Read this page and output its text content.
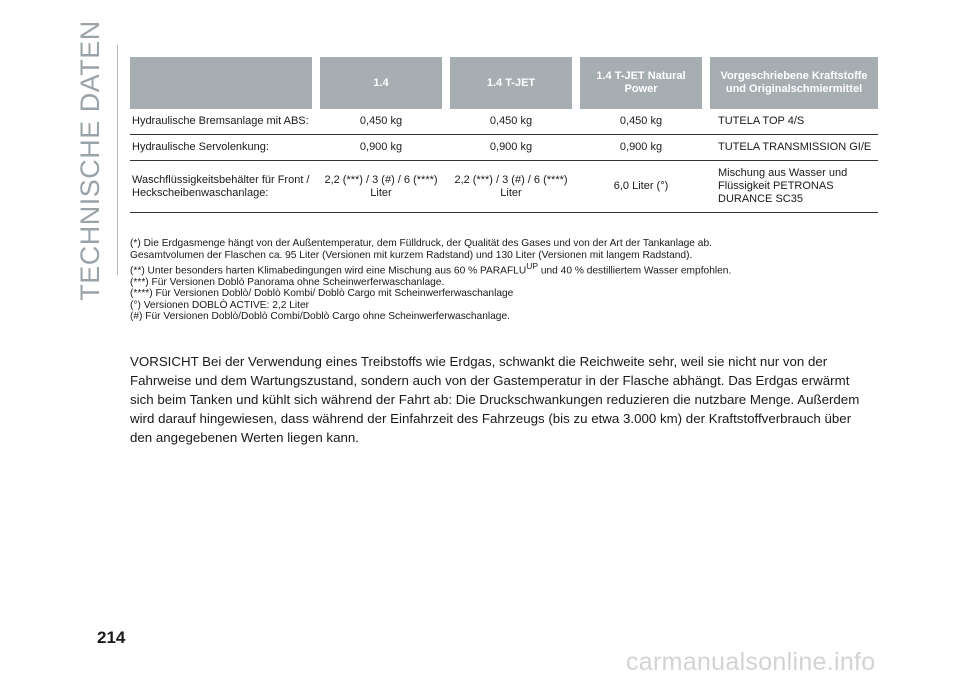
TECHNISCHE DATEN
		1.4	1.4 T-JET	1.4 T-JET Natural Power	Vorgeschriebene Kraftstoffe und Originalschmiermittel
Hydraulische Bremsanlage mit ABS:	0,450 kg	0,450 kg	0,450 kg	TUTELA TOP 4/S
Hydraulische Servolenkung:	0,900 kg	0,900 kg	0,900 kg	TUTELA TRANSMISSION GI/E
Waschflüssigkeitsbehälter für Front / Heckscheibenwaschanlage:	2,2 (***) / 3 (#) / 6 (****) Liter	2,2 (***) / 3 (#) / 6 (****) Liter	6,0 Liter (°)	Mischung aus Wasser und Flüssigkeit PETRONAS DURANCE SC35

(*) Die Erdgasmenge hängt von der Außentemperatur, dem Fülldruck, der Qualität des Gases und von der Art der Tankanlage ab.

Gesamtvolumen der Flaschen ca. 95 Liter (Versionen mit kurzem Radstand) und 130 Liter (Versionen mit langem Radstand).

(**) Unter besonders harten Klimabedingungen wird eine Mischung aus 60 % $PARAFLU^{UP}$ und 40 % destilliertem Wasser empfohlen.

(***) Für Versionen Doblò Panorama ohne Scheinwerferwaschanlage.

(****) Für Versionen Doblò/ Doblò Kombi/ Doblò Cargo mit Scheinwerferwaschanlage

(°) Versionen DOBLÒ ACTIVE: 2,2 Liter

(#) Für Versionen Doblò/Doblò Combi/Doblò Cargo ohne Scheinwerferwaschanlage.

VORSICHT Bei der Verwendung eines Treibstoffs wie Erdgas, schwankt die Reichweite sehr, weil sie nicht nur von der Fahrweise und dem Wartungszustand, sondern auch von der Gastemperatur in der Flasche abhängt. Das Erdgas erwärmt sich beim Tanken und kühlt sich während der Fahrt ab: Die Druckschwankungen reduzieren die nutzbare Menge. Außerdem wird darauf hingewiesen, dass während der Einfahrzeit des Fahrzeugs (bis zu etwa 3.000 km) der Kraftstoffverbrauch über den angegebenen Werten liegen kann.

214
carmanualsonline.info
